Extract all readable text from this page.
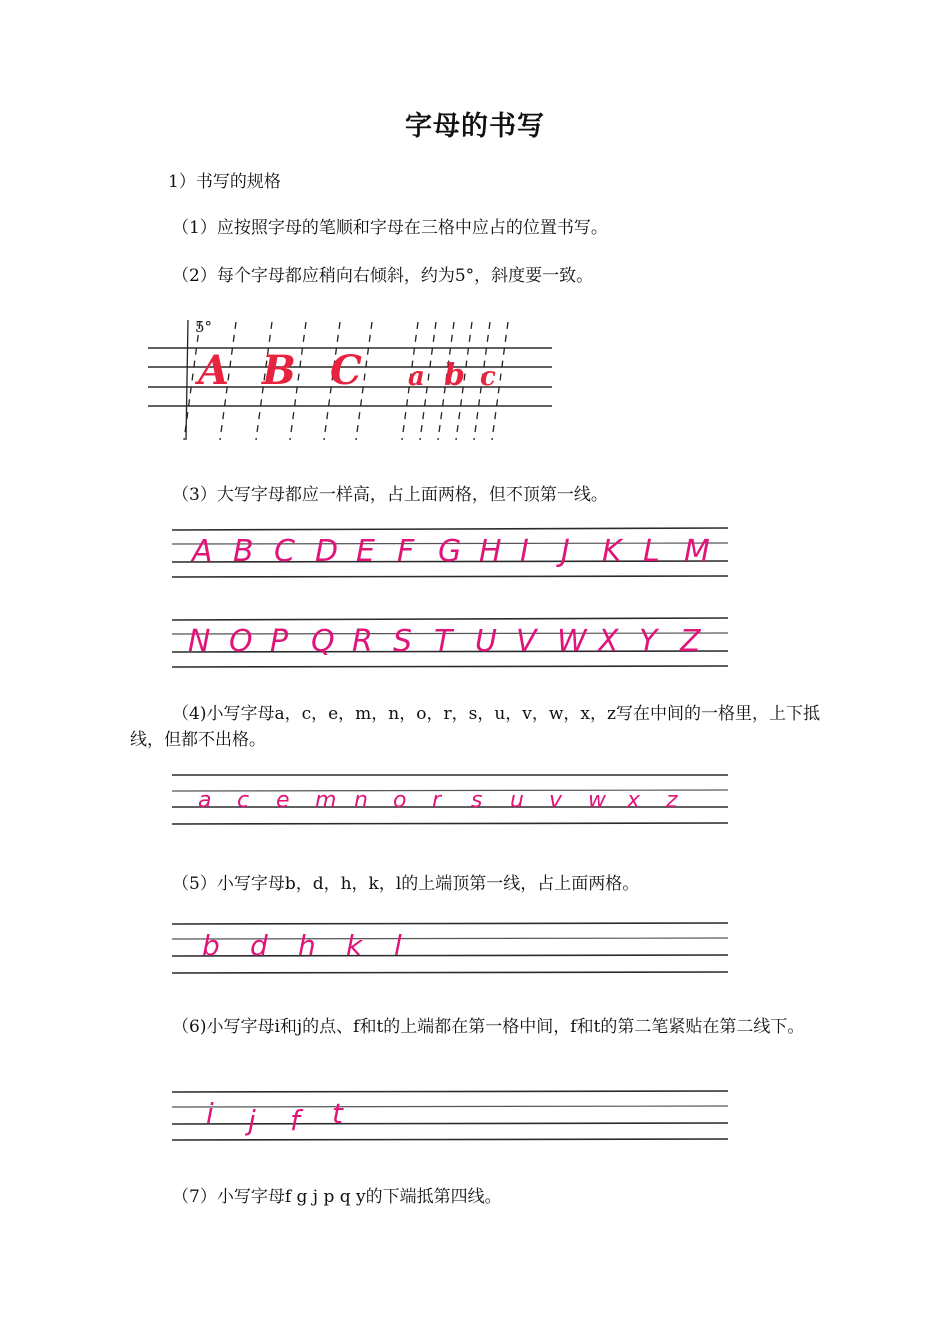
字母的书写
1）书写的规格
（1）应按照字母的笔顺和字母在三格中应占的位置书写。
（2）每个字母都应稍向右倾斜，约为5°，斜度要一致。
5°
A B C a b c
（3）大写字母都应一样高，占上面两格，但不顶第一线。
A B C D E F G H I J K L M
N O P Q R S T U V W X Y Z
（4)小写字母a，c，e，m，n，o，r，s，u，v，w，x，z写在中间的一格里，上下抵线，但都不出格。
a c e m n o r s u v w x z
（5）小写字母b，d，h，k，l的上端顶第一线，占上面两格。
b d h k l
（6)小写字母i和j的点、f和t的上端都在第一格中间，f和t的第二笔紧贴在第二线下。
i j f t
（7）小写字母f g j p q y的下端抵第四线。
